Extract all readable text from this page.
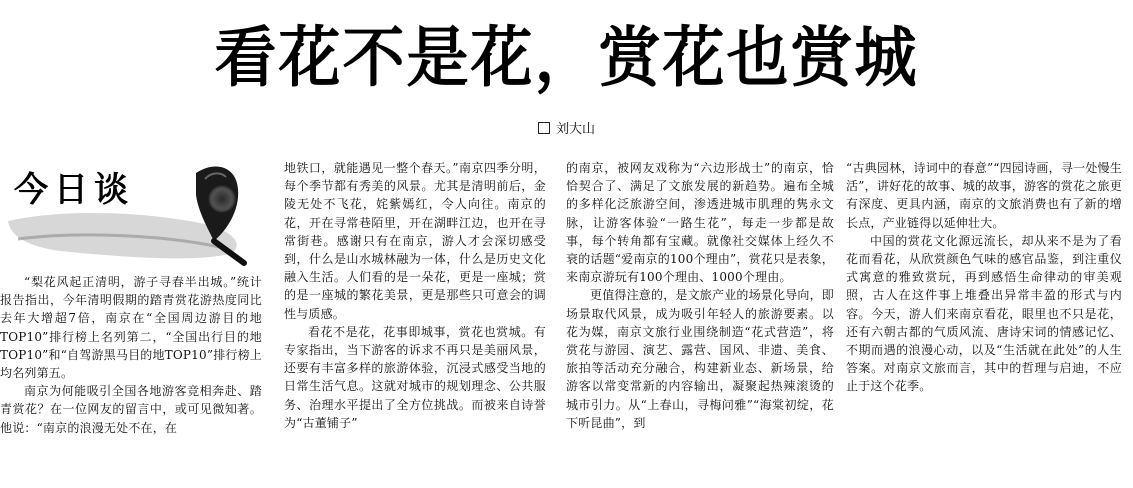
看花不是花，赏花也赏城
刘大山
今日谈

“梨花风起正清明，游子寻春半出城。”统计报告指出，今年清明假期的踏青赏花游热度同比去年大增超7倍，南京在“全国周边游目的地TOP10”排行榜上名列第二，“全国出行目的地TOP10”和“自驾游黑马目的地TOP10”排行榜上均名列第五。

南京为何能吸引全国各地游客竞相奔赴、踏青赏花？在一位网友的留言中，或可见微知著。他说：“南京的浪漫无处不在，在

地铁口，就能遇见一整个春天。”南京四季分明，每个季节都有秀美的风景。尤其是清明前后，金陵无处不飞花，姹紫嫣红，令人向往。南京的花，开在寻常巷陌里，开在湖畔江边，也开在寻常街巷。感谢只有在南京，游人才会深切感受到，什么是山水城林融为一体，什么是历史文化融入生活。人们看的是一朵花，更是一座城；赏的是一座城的繁花美景，更是那些只可意会的调性与质感。

看花不是花，花事即城事，赏花也赏城。有专家指出，当下游客的诉求不再只是美丽风景，还要有丰富多样的旅游体验，沉浸式感受当地的日常生活气息。这就对城市的规划理念、公共服务、治理水平提出了全方位挑战。而被来自诗誉为“古董铺子”

的南京，被网友戏称为“六边形战士”的南京，恰恰契合了、满足了文旅发展的新趋势。遍布全城的多样化泛旅游空间，渗透进城市肌理的隽永文脉，让游客体验“一路生花”，每走一步都是故事，每个转角都有宝藏。就像社交媒体上经久不衰的话题“爱南京的100个理由”，赏花只是表象，来南京游玩有100个理由、1000个理由。

更值得注意的，是文旅产业的场景化导向，即场景取代风景，成为吸引年轻人的旅游要素。以花为媒，南京文旅行业围绕制造“花式营造”，将赏花与游园、演艺、露营、国风、非遗、美食、旅拍等活动充分融合，构建新业态、新场景，给游客以常变常新的内容输出，凝聚起热辣滚烫的城市引力。从“上春山，寻梅问雅”“海棠初绽，花下听昆曲”，到

“古典园林，诗词中的春意”“四园诗画，寻一处慢生活”，讲好花的故事、城的故事，游客的赏花之旅更有深度、更具内涵，南京的文旅消费也有了新的增长点，产业链得以延伸壮大。

中国的赏花文化源远流长，却从来不是为了看花而看花，从欣赏颜色气味的感官品鉴，到注重仪式寓意的雅致赏玩，再到感悟生命律动的审美观照，古人在这件事上堆叠出异常丰盈的形式与内容。今天，游人们来南京看花，眼里也不只是花，还有六朝古都的气质风流、唐诗宋词的情感记忆、不期而遇的浪漫心动，以及“生活就在此处”的人生答案。对南京文旅而言，其中的哲理与启迪，不应止于这个花季。
